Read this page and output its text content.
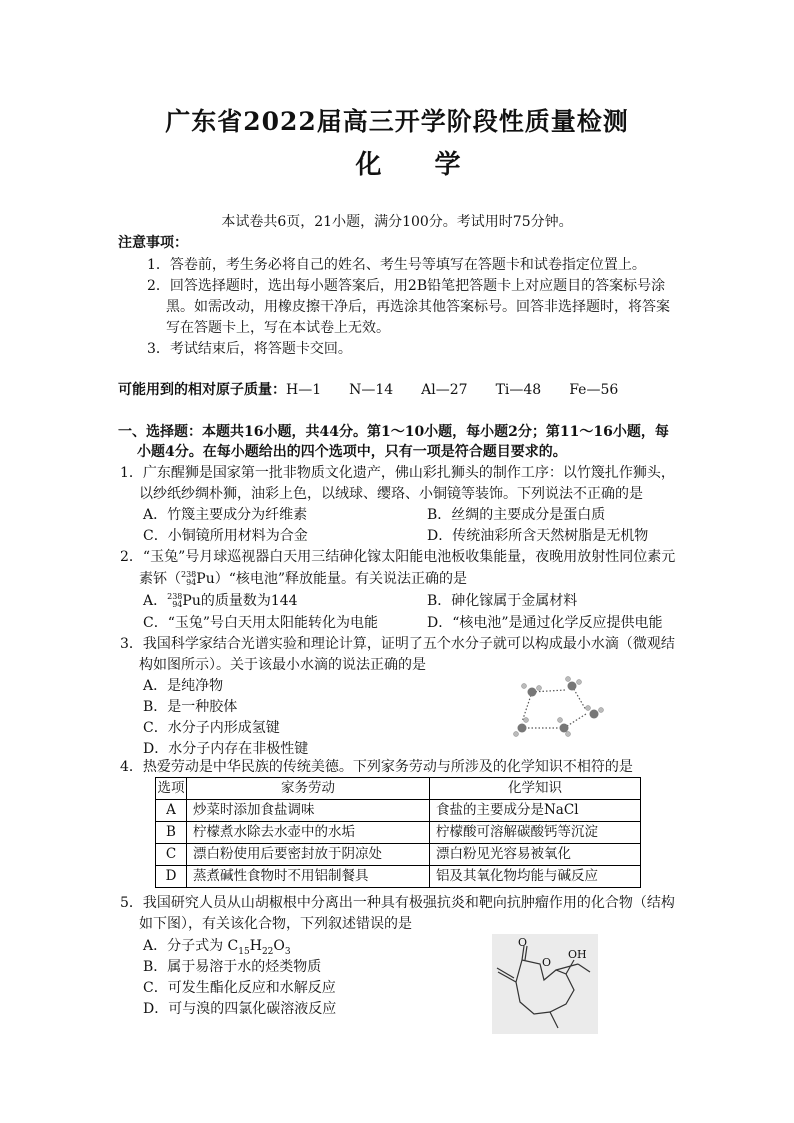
广东省2022届高三开学阶段性质量检测
化 学
本试卷共6页，21小题，满分100分。考试用时75分钟。
注意事项：
1．答卷前，考生务必将自己的姓名、考生号等填写在答题卡和试卷指定位置上。
2．回答选择题时，选出每小题答案后，用2B铅笔把答题卡上对应题目的答案标号涂
黑。如需改动，用橡皮擦干净后，再选涂其他答案标号。回答非选择题时，将答案
写在答题卡上，写在本试卷上无效。
3．考试结束后，将答题卡交回。
可能用到的相对原子质量：H—1　　N—14　　Al—27　　Ti—48　　Fe—56
一、选择题：本题共16小题，共44分。第1～10小题，每小题2分；第11～16小题，每
小题4分。在每小题给出的四个选项中，只有一项是符合题目要求的。
1．广东醒狮是国家第一批非物质文化遗产，佛山彩扎狮头的制作工序：以竹篾扎作狮头，
以纱纸纱绸朴狮，油彩上色，以绒球、缨珞、小铜镜等装饰。下列说法不正确的是
A．竹篾主要成分为纤维素	B．丝绸的主要成分是蛋白质
C．小铜镜所用材料为合金	D．传统油彩所含天然树脂是无机物
2．“玉兔”号月球巡视器白天用三结砷化镓太阳能电池板收集能量，夜晚用放射性同位素元
素钚（238
94Pu）“核电池”释放能量。有关说法正确的是
A．238
94Pu的质量数为144	B．砷化镓属于金属材料
C．“玉兔”号白天用太阳能转化为电能	D．“核电池”是通过化学反应提供电能
3．我国科学家结合光谱实验和理论计算，证明了五个水分子就可以构成最小水滴（微观结
构如图所示）。关于该最小水滴的说法正确的是
A．是纯净物
B．是一种胶体
C．水分子内形成氢键
D．水分子内存在非极性键
4．热爱劳动是中华民族的传统美德。下列家务劳动与所涉及的化学知识不相符的是
选项	家务劳动	化学知识
A	炒菜时添加食盐调味	食盐的主要成分是NaCl
B	柠檬煮水除去水壶中的水垢	柠檬酸可溶解碳酸钙等沉淀
C	漂白粉使用后要密封放于阴凉处	漂白粉见光容易被氧化
D	蒸煮碱性食物时不用铝制餐具	铝及其氧化物均能与碱反应
5．我国研究人员从山胡椒根中分离出一种具有极强抗炎和靶向抗肿瘤作用的化合物（结构
如下图），有关该化合物，下列叙述错误的是
A．分子式为 $C_{15}H_{22}O_3$
B．属于易溶于水的烃类物质
C．可发生酯化反应和水解反应
D．可与溴的四氯化碳溶液反应
O
O
OH
